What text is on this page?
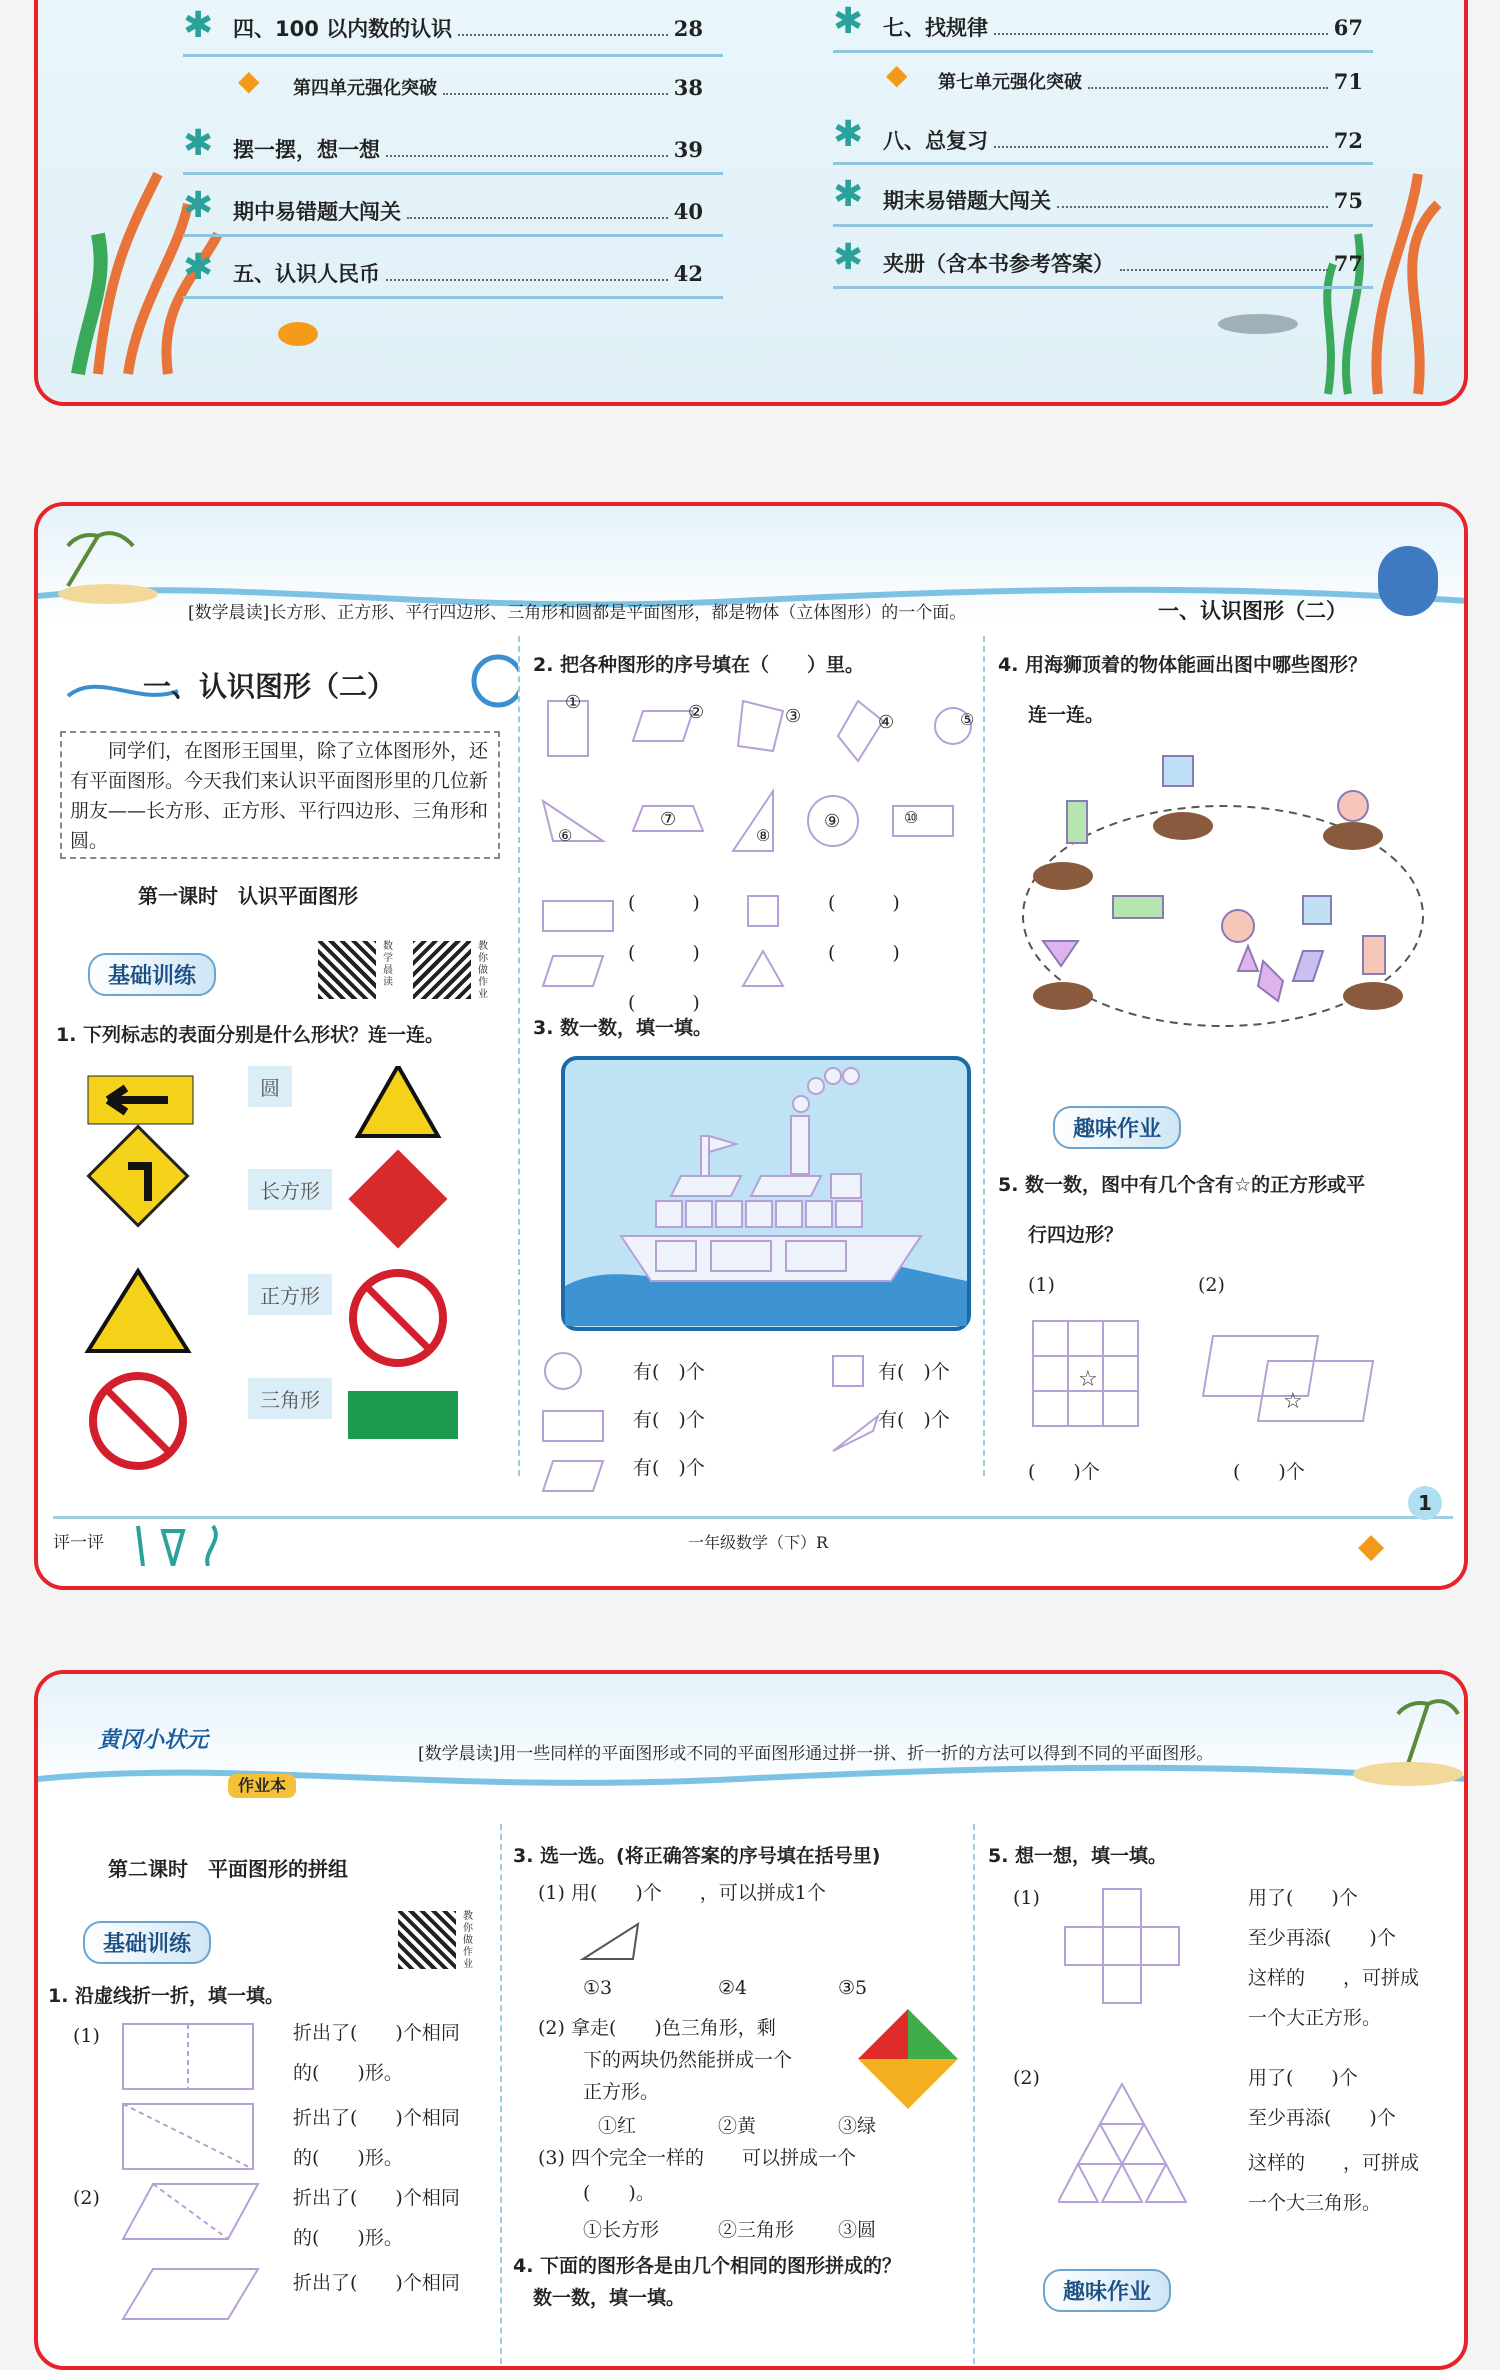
✱ 四、100 以内数的认识	28
◆ 第四单元强化突破	38
✱ 摆一摆，想一想	39
✱ 期中易错题大闯关	40
✱ 五、认识人民币	42
✱ 七、找规律	67
◆ 第七单元强化突破	71
✱ 八、总复习	72
✱ 期末易错题大闯关	75
✱ 夹册（含本书参考答案）	77
[数学晨读]长方形、正方形、平行四边形、三角形和圆都是平面图形，都是物体（立体图形）的一个面。	一、认识图形（二）
一、认识图形（二）
同学们，在图形王国里，除了立体图形外，还有平面图形。今天我们来认识平面图形里的几位新朋友——长方形、正方形、平行四边形、三角形和圆。
第一课时　认识平面图形
基础训练
数学晨读
教你做作业
1. 下列标志的表面分别是什么形状？连一连。
圆
长方形
正方形
三角形
2. 把各种图形的序号填在（　　）里。
①	②	③	④	⑤
⑥
⑦
⑧
⑨	⑩
(　　　)	(　　　)
(　　　)	(　　　)
(　　　)
3. 数一数，填一填。
有(　)个
有(　)个
有(　)个
有(　)个
有(　)个
4. 用海狮顶着的物体能画出图中哪些图形？
连一连。
趣味作业
5. 数一数，图中有几个含有☆的正方形或平
行四边形？
(1)	(2)
☆
☆
(　　)个	(　　)个
评一评	一年级数学（下）R
1
◆
黄冈小状元
作业本
[数学晨读]用一些同样的平面图形或不同的平面图形通过拼一拼、折一折的方法可以得到不同的平面图形。
第二课时　平面图形的拼组
基础训练
教你做作业
1. 沿虚线折一折，填一填。
(1)
(2)
折出了(　　)个相同
的(　　)形。
折出了(　　)个相同
的(　　)形。
折出了(　　)个相同
的(　　)形。
折出了(　　)个相同
3. 选一选。(将正确答案的序号填在括号里)
(1) 用(　　)个　　，可以拼成1个
①3	②4	③5
(2) 拿走(　　)色三角形，剩
下的两块仍然能拼成一个
正方形。
①红	②黄	③绿
(3) 四个完全一样的　　可以拼成一个
(　　)。
①长方形	②三角形 ③圆
4. 下面的图形各是由几个相同的图形拼成的？
数一数，填一填。
5. 想一想，填一填。
(1)
(2)
用了(　　)个
至少再添(　　)个
这样的　　，可拼成
一个大正方形。
用了(　　)个
至少再添(　　)个
这样的　　，可拼成
一个大三角形。
趣味作业
